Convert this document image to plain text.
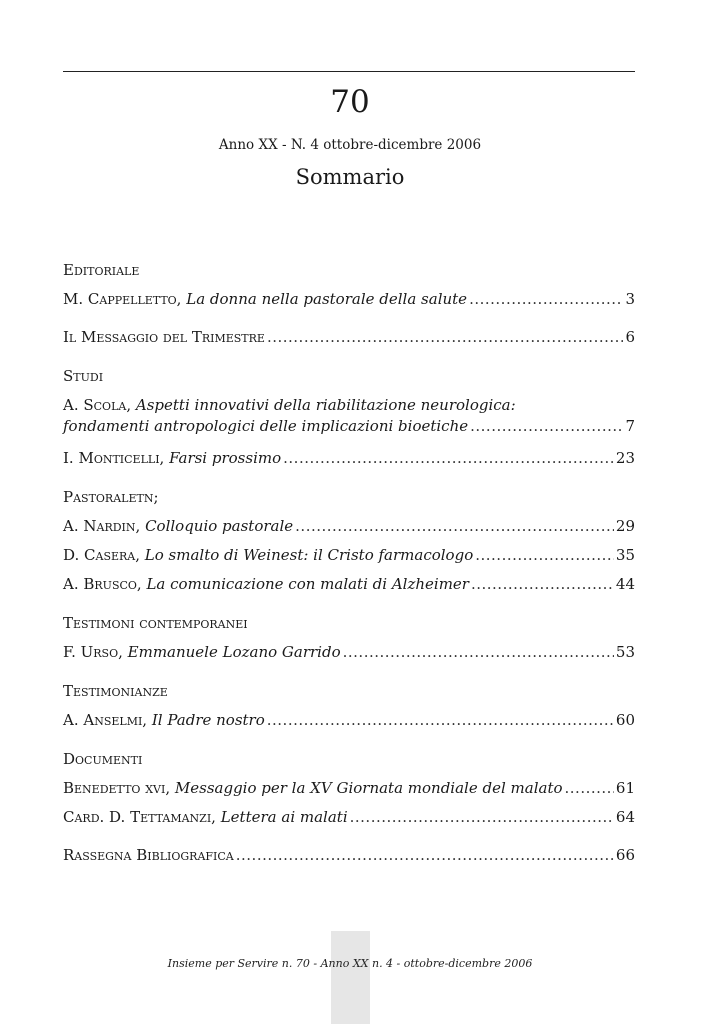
70
Anno XX - N. 4 ottobre-dicembre 2006
Sommario
Editoriale
M. Cappelletto,
La donna nella pastorale della salute .....	3
Il Messaggio del Trimestre .....	6
Studi
A. Scola, Aspetti innovativi della riabilitazione neurologica:
fondamenti antropologici delle implicazioni bioetiche .....	7
I. Monticelli,
Farsi prossimo .....	23
Pastoraletn;
A. Nardin,
Colloquio pastorale .....	29
D. Casera,
Lo smalto di Weinest: il Cristo farmacologo .....	35
A. Brusco,
La comunicazione con malati di Alzheimer .....	44
Testimoni contemporanei
F. Urso,
Emmanuele Lozano Garrido .....	53
Testimonianze
A. Anselmi,
Il Padre nostro .....	60
Documenti
Benedetto xvi,
Messaggio per la XV Giornata mondiale del malato .....	61
Card. D. Tettamanzi,
Lettera ai malati .....	64
Rassegna Bibliografica .....	66
Insieme per Servire n. 70 - Anno XX n. 4 - ottobre-dicembre 2006
